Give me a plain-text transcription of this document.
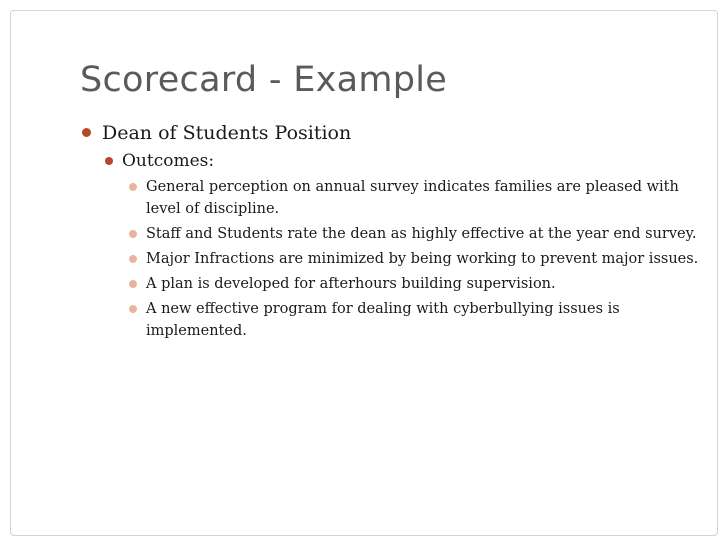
Scorecard - Example
Dean of Students Position
Outcomes:
General perception on annual survey indicates families are pleased with level of discipline.
Staff and Students rate the dean as highly effective at the year end survey.
Major Infractions are minimized by being working to prevent major issues.
A plan is developed for afterhours building supervision.
A new effective program for dealing with cyberbullying issues is implemented.
